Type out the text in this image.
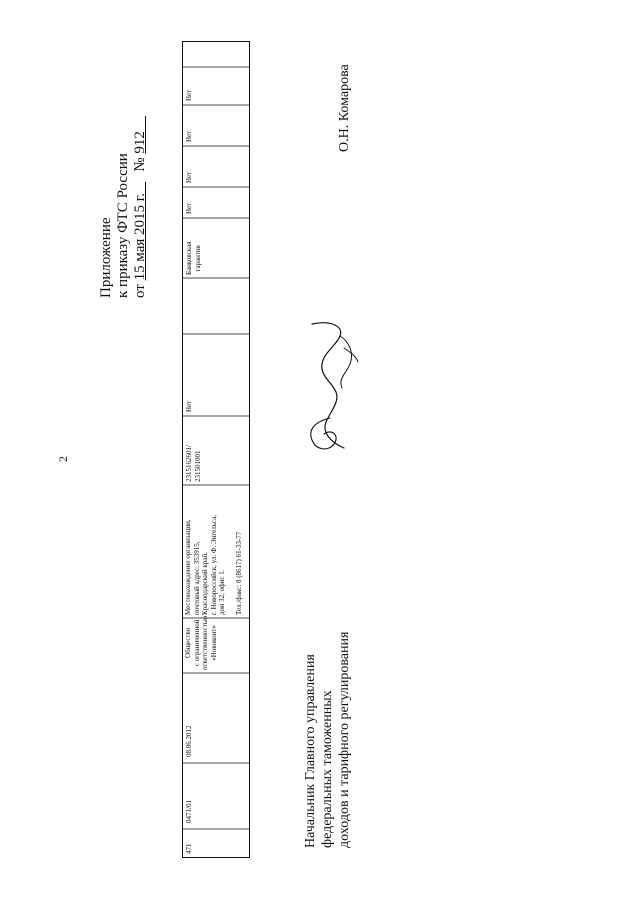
2
Приложение к приказу ФТС России от 15 мая 2015 г.   № 912
471
0471/01
08.06.2012
Общество с ограниченной ответственностью «Новоконт»
Местонахождение организации, почтовый адрес: 353915, Краснодарский край, г. Новороссийск, ул. Ф. Энгельса, дом 32, офис 1. Тел./факс: 8 (8617) 61-33-77
2315162601/ 231501001
Нет
Банковская гарантия
Нет
Нет
Нет
Нет
Начальник Главного управления федеральных таможенных доходов и тарифного регулирования
О.Н. Комарова
